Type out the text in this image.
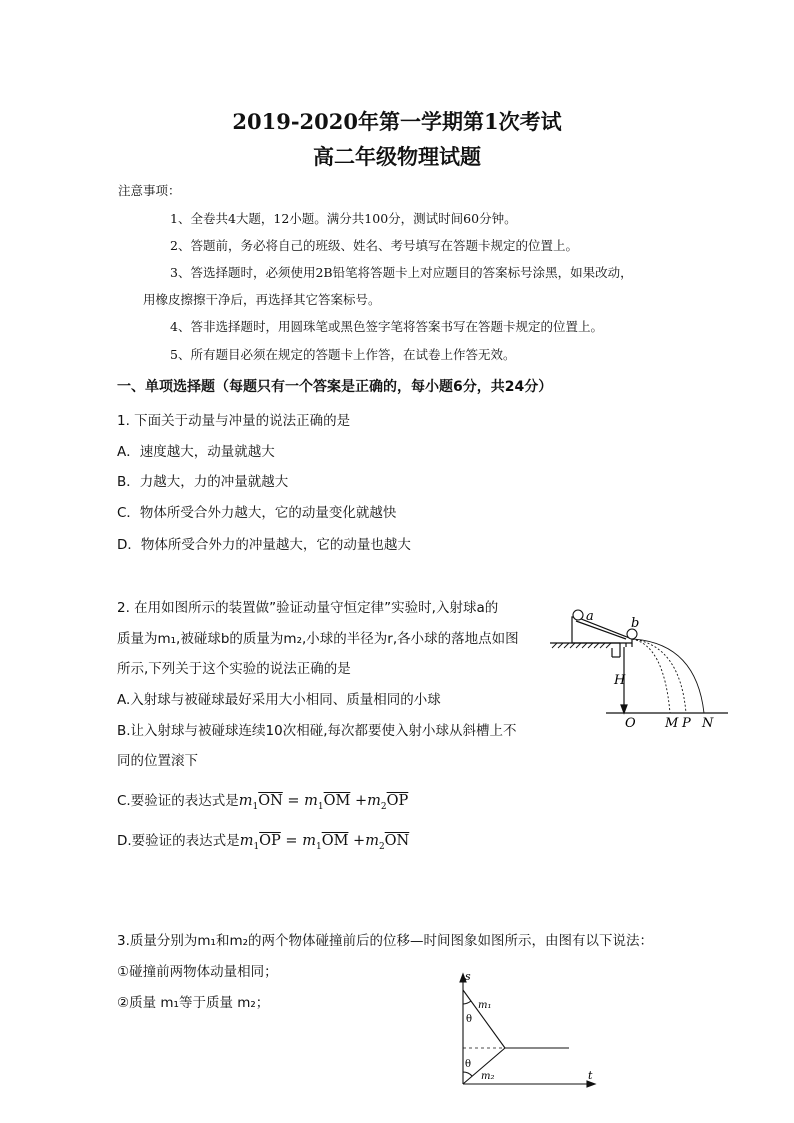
2019-2020年第一学期第1次考试
高二年级物理试题
注意事项：
1、全卷共4大题，12小题。满分共100分，测试时间60分钟。
2、答题前，务必将自己的班级、姓名、考号填写在答题卡规定的位置上。
3、答选择题时，必须使用2B铅笔将答题卡上对应题目的答案标号涂黑，如果改动，
用橡皮擦擦干净后，再选择其它答案标号。
4、答非选择题时，用圆珠笔或黑色签字笔将答案书写在答题卡规定的位置上。
5、所有题目必须在规定的答题卡上作答，在试卷上作答无效。
一、单项选择题（每题只有一个答案是正确的，每小题6分，共24分）
1. 下面关于动量与冲量的说法正确的是
A．速度越大，动量就越大
B．力越大，力的冲量就越大
C．物体所受合外力越大，它的动量变化就越快
D．物体所受合外力的冲量越大，它的动量也越大
2. 在用如图所示的装置做”验证动量守恒定律”实验时,入射球a的
质量为m₁,被碰球b的质量为m₂,小球的半径为r,各小球的落地点如图
所示,下列关于这个实验的说法正确的是
A.入射球与被碰球最好采用大小相同、质量相同的小球
B.让入射球与被碰球连续10次相碰,每次都要使入射小球从斜槽上不
同的位置滚下
C.要验证的表达式是$m_1\overline{ON} = m_1\overline{OM} +m_2\overline{OP}$
D.要验证的表达式是$m_1\overline{OP} = m_1\overline{OM} +m_2\overline{ON}$
a	b
H
O M P N
3.质量分别为m₁和m₂的两个物体碰撞前后的位移—时间图象如图所示，由图有以下说法：
①碰撞前两物体动量相同；
②质量 m₁等于质量 m₂；
s
t
m₁
θ
θ
m₂
